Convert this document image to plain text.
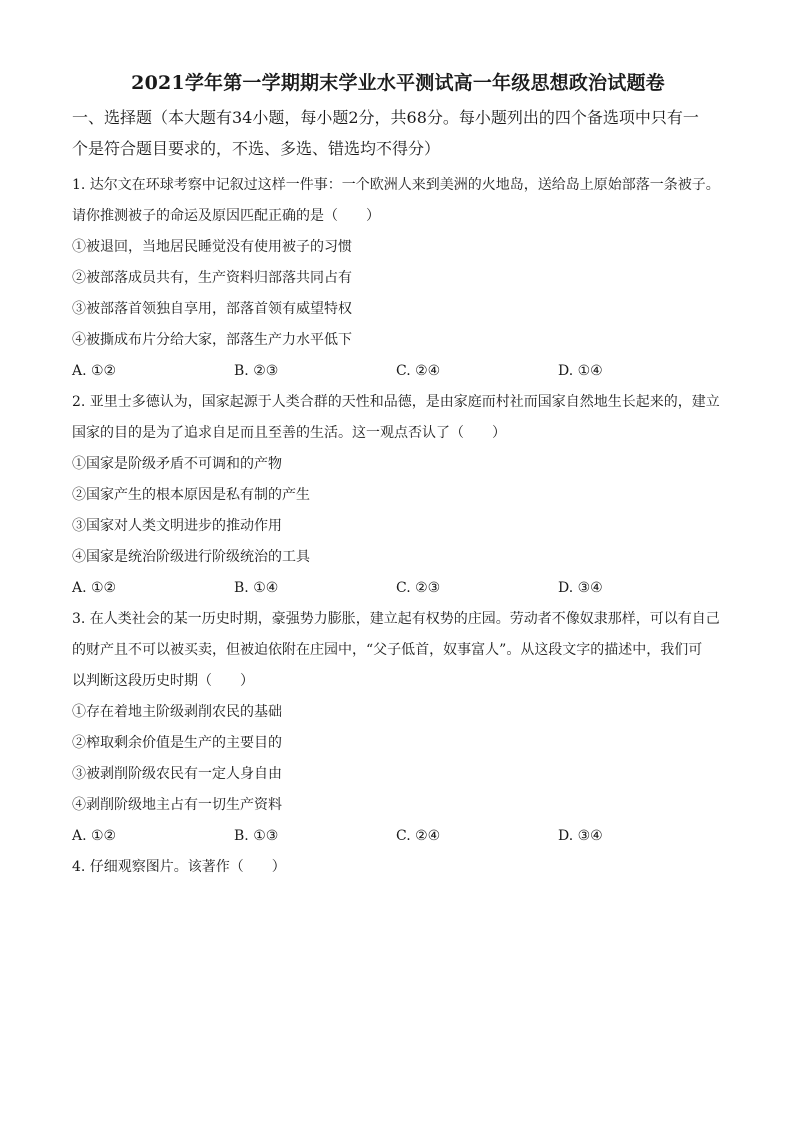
2021学年第一学期期末学业水平测试高一年级思想政治试题卷
一、选择题（本大题有34小题，每小题2分，共68分。每小题列出的四个备选项中只有一
个是符合题目要求的，不选、多选、错选均不得分）

1. 达尔文在环球考察中记叙过这样一件事：一个欧洲人来到美洲的火地岛，送给岛上原始部落一条被子。

请你推测被子的命运及原因匹配正确的是（　　）

①被退回，当地居民睡觉没有使用被子的习惯

②被部落成员共有，生产资料归部落共同占有

③被部落首领独自享用，部落首领有威望特权

④被撕成布片分给大家，部落生产力水平低下

A. ①②	B. ②③	C. ②④	D. ①④

2. 亚里士多德认为，国家起源于人类合群的天性和品德，是由家庭而村社而国家自然地生长起来的，建立

国家的目的是为了追求自足而且至善的生活。这一观点否认了（　　）

①国家是阶级矛盾不可调和的产物

②国家产生的根本原因是私有制的产生

③国家对人类文明进步的推动作用

④国家是统治阶级进行阶级统治的工具

A. ①②	B. ①④	C. ②③	D. ③④

3. 在人类社会的某一历史时期，豪强势力膨胀，建立起有权势的庄园。劳动者不像奴隶那样，可以有自己

的财产且不可以被买卖，但被迫依附在庄园中，“父子低首，奴事富人”。从这段文字的描述中，我们可

以判断这段历史时期（　　）

①存在着地主阶级剥削农民的基础

②榨取剩余价值是生产的主要目的

③被剥削阶级农民有一定人身自由

④剥削阶级地主占有一切生产资料

A. ①②	B. ①③	C. ②④	D. ③④

4. 仔细观察图片。该著作（　　）
